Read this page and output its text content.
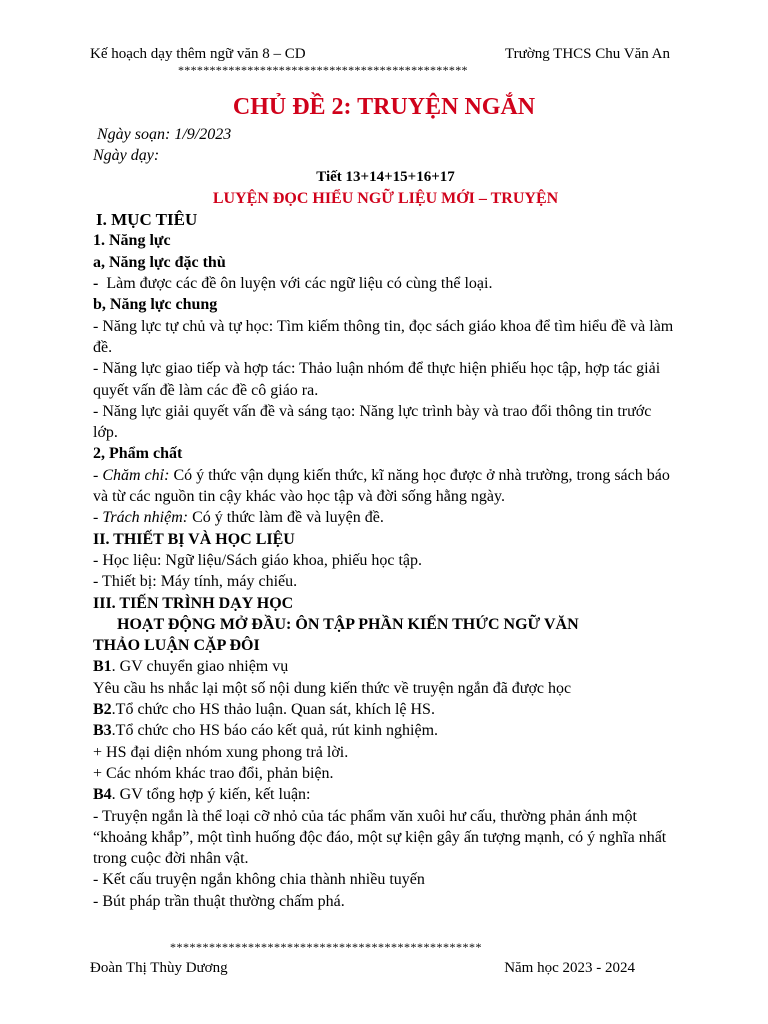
Kế hoạch dạy thêm ngữ văn 8 – CD	Trường THCS Chu Văn An
**********************************************
CHỦ ĐỀ 2: TRUYỆN NGẮN

Ngày soạn: 1/9/2023

Ngày dạy:

Tiết 13+14+15+16+17

LUYỆN ĐỌC HIỂU NGỮ LIỆU MỚI – TRUYỆN

I. MỤC TIÊU

1. Năng lực

a, Năng lực đặc thù

- Làm được các đề ôn luyện với các ngữ liệu có cùng thể loại.

b, Năng lực chung

- Năng lực tự chủ và tự học: Tìm kiếm thông tin, đọc sách giáo khoa để tìm hiểu đề và làm đề.

- Năng lực giao tiếp và hợp tác: Thảo luận nhóm để thực hiện phiếu học tập, hợp tác giải quyết vấn đề làm các đề cô giáo ra.

- Năng lực giải quyết vấn đề và sáng tạo: Năng lực trình bày và trao đổi thông tin trước lớp.

2, Phẩm chất

- Chăm chỉ: Có ý thức vận dụng kiến thức, kĩ năng học được ở nhà trường, trong sách báo và từ các nguồn tin cậy khác vào học tập và đời sống hằng ngày.

- Trách nhiệm: Có ý thức làm đề và luyện đề.

II. THIẾT BỊ VÀ HỌC LIỆU

- Học liệu: Ngữ liệu/Sách giáo khoa, phiếu học tập.

- Thiết bị: Máy tính, máy chiếu.

III. TIẾN TRÌNH DẠY HỌC

HOẠT ĐỘNG MỞ ĐẦU: ÔN TẬP PHẦN KIẾN THỨC NGỮ VĂN

THẢO LUẬN CẶP ĐÔI

B1. GV chuyển giao nhiệm vụ

Yêu cầu hs nhắc lại một số nội dung kiến thức về truyện ngắn đã được học

B2.Tổ chức cho HS thảo luận. Quan sát, khích lệ HS.

B3.Tổ chức cho HS báo cáo kết quả, rút kinh nghiệm.

+ HS đại diện nhóm xung phong trả lời.

+ Các nhóm khác trao đổi, phản biện.

B4. GV tổng hợp ý kiến, kết luận:

- Truyện ngắn là thể loại cỡ nhỏ của tác phẩm văn xuôi hư cấu, thường phản ánh một “khoảng khắp”, một tình huống độc đáo, một sự kiện gây ấn tượng mạnh, có ý nghĩa nhất trong cuộc đời nhân vật.

- Kết cấu truyện ngắn không chia thành nhiều tuyến

- Bút pháp trần thuật thường chấm phá.

************************************************
Đoàn Thị Thùy Dương	Năm học 2023 - 2024
